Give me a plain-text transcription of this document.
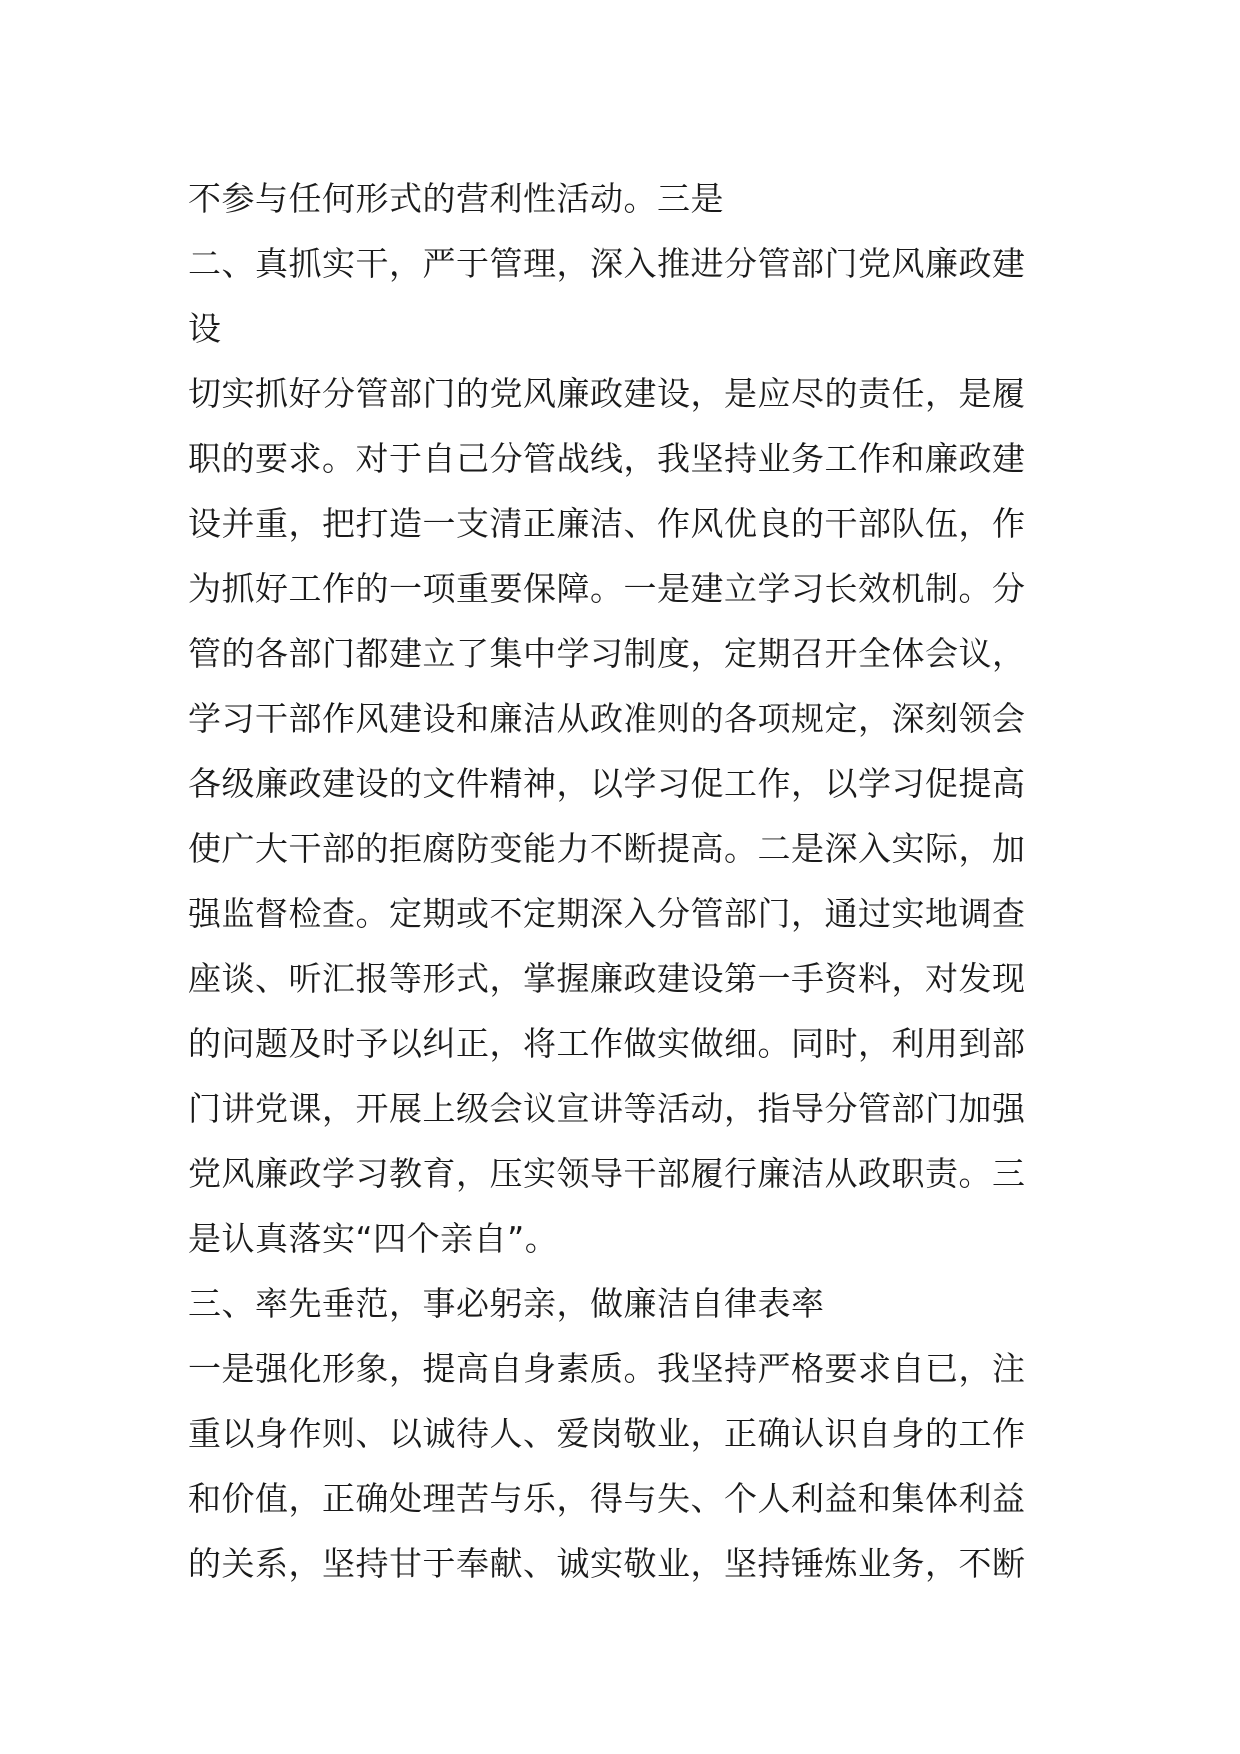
不参与任何形式的营利性活动。三是
二、真抓实干，严于管理，深入推进分管部门党风廉政建
设
切实抓好分管部门的党风廉政建设，是应尽的责任，是履
职的要求。对于自己分管战线，我坚持业务工作和廉政建
设并重，把打造一支清正廉洁、作风优良的干部队伍，作
为抓好工作的一项重要保障。一是建立学习长效机制。分
管的各部门都建立了集中学习制度，定期召开全体会议，
学习干部作风建设和廉洁从政准则的各项规定，深刻领会
各级廉政建设的文件精神，以学习促工作，以学习促提高
使广大干部的拒腐防变能力不断提高。二是深入实际，加
强监督检查。定期或不定期深入分管部门，通过实地调查
座谈、听汇报等形式，掌握廉政建设第一手资料，对发现
的问题及时予以纠正，将工作做实做细。同时，利用到部
门讲党课，开展上级会议宣讲等活动，指导分管部门加强
党风廉政学习教育，压实领导干部履行廉洁从政职责。三
是认真落实“四个亲自”。
三、率先垂范，事必躬亲，做廉洁自律表率
一是强化形象，提高自身素质。我坚持严格要求自已，注
重以身作则、以诚待人、爱岗敬业，正确认识自身的工作
和价值，正确处理苦与乐，得与失、个人利益和集体利益
的关系，坚持甘于奉献、诚实敬业，坚持锤炼业务，不断
